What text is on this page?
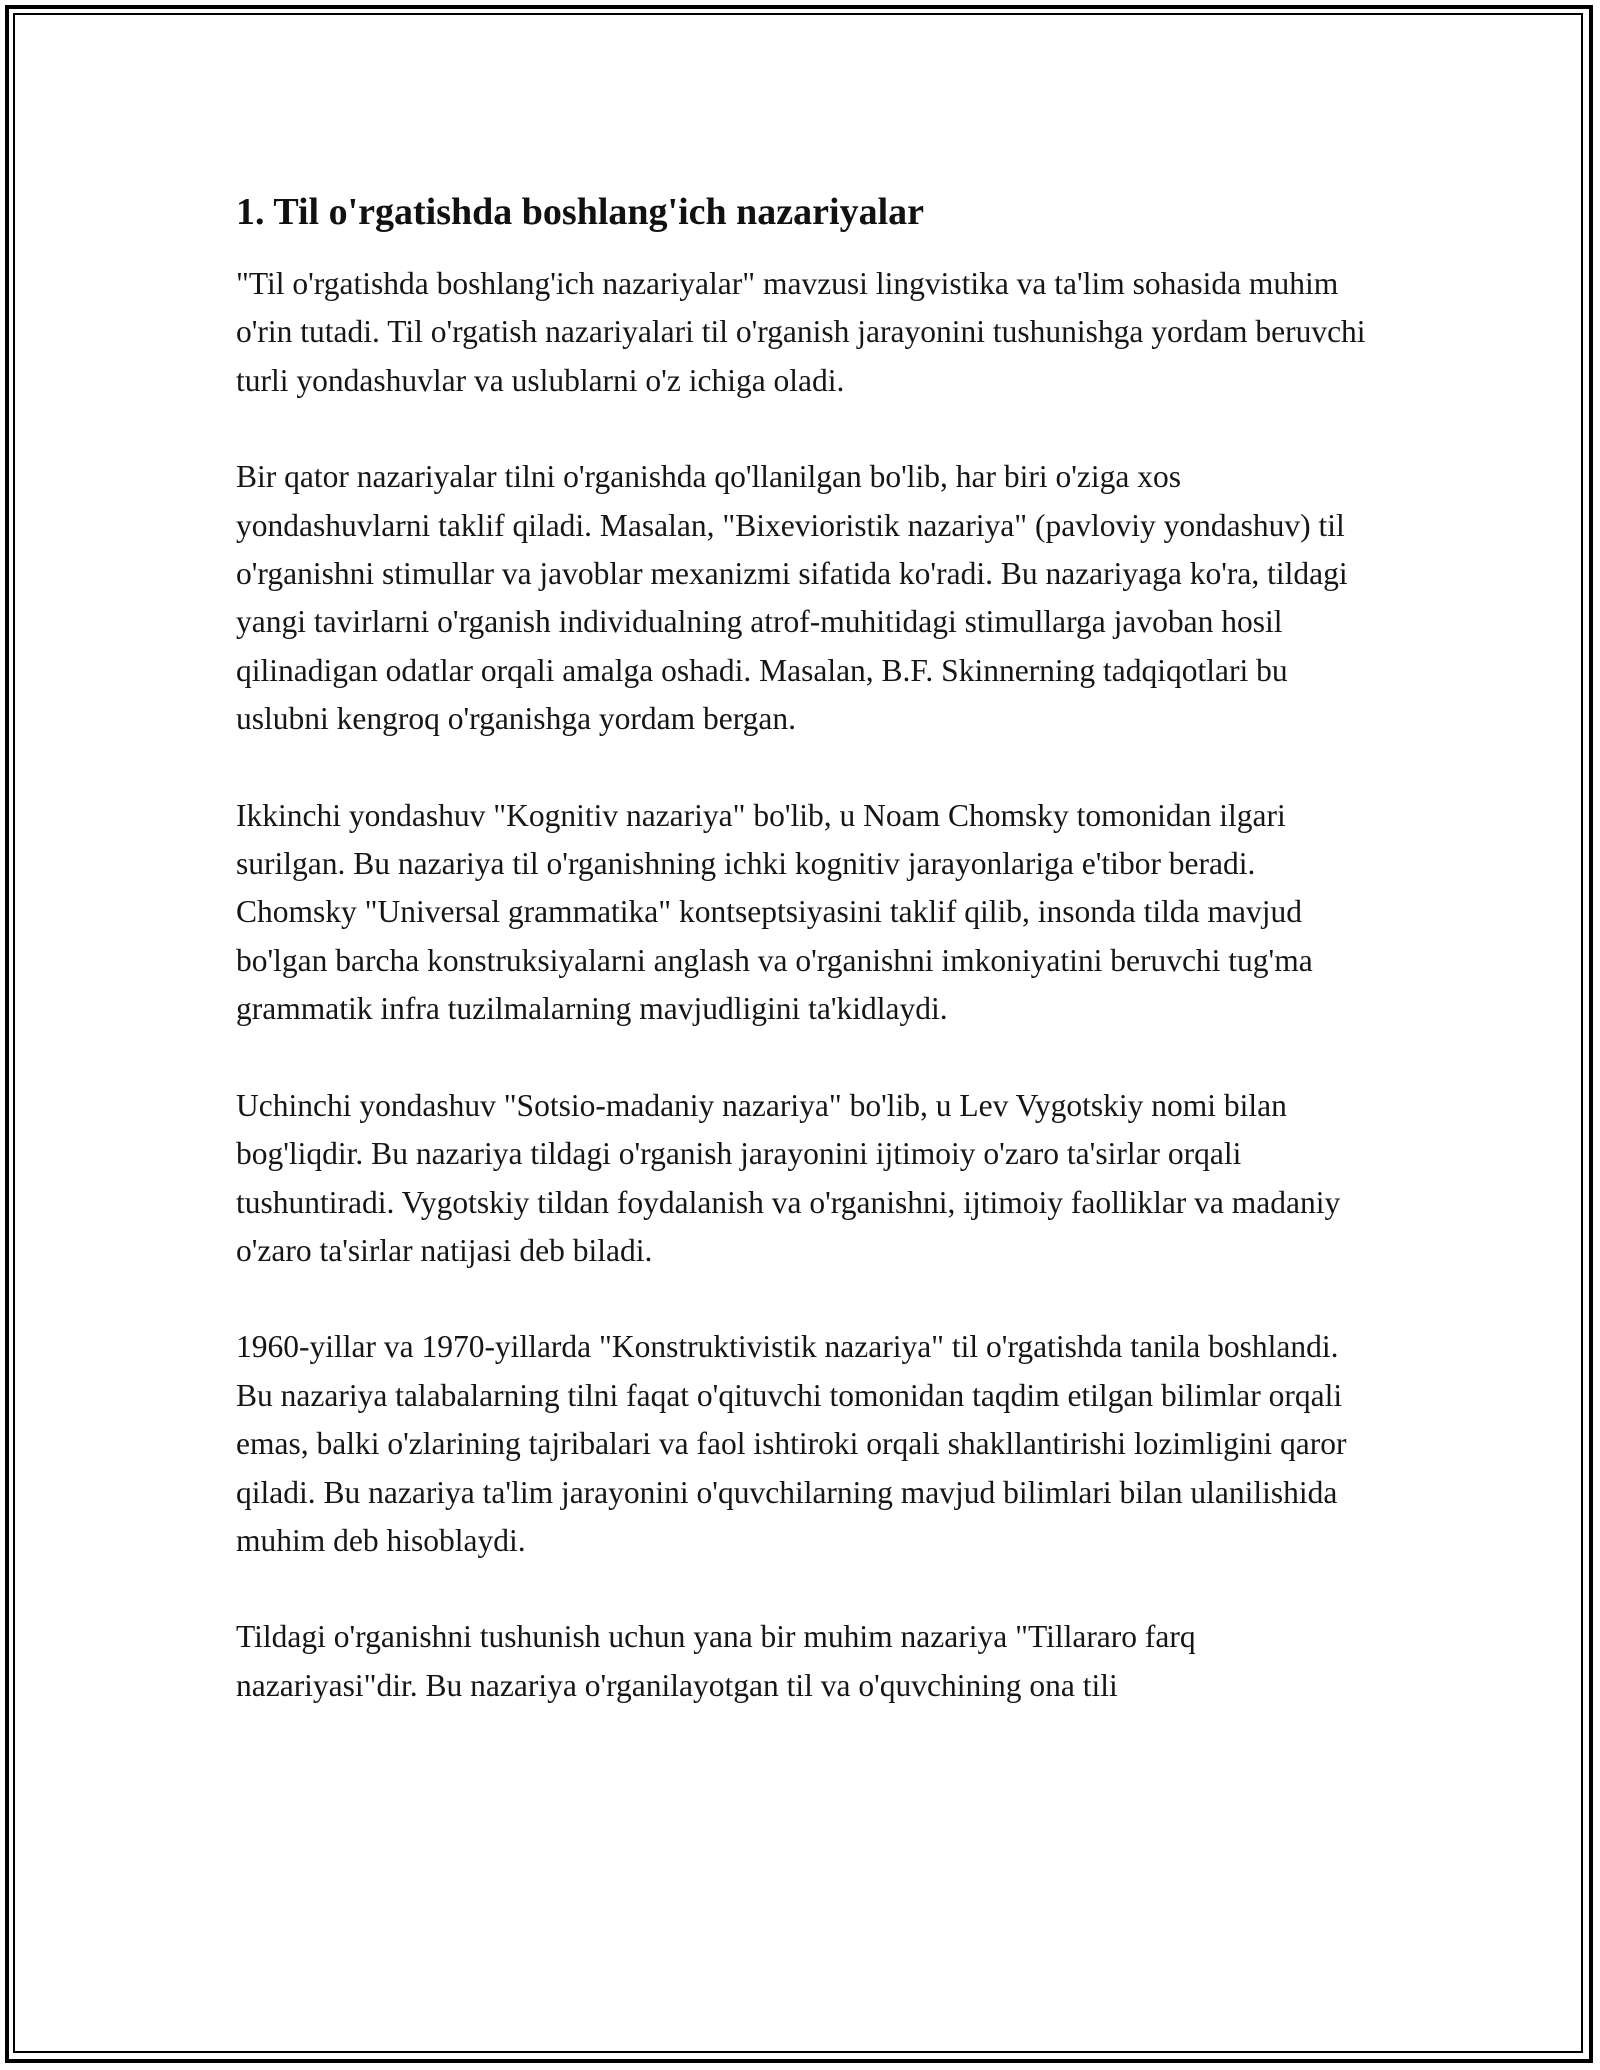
1. Til o'rgatishda boshlang'ich nazariyalar

"Til o'rgatishda boshlang'ich nazariyalar" mavzusi lingvistika va ta'lim sohasida muhim o'rin tutadi. Til o'rgatish nazariyalari til o'rganish jarayonini tushunishga yordam beruvchi turli yondashuvlar va uslublarni o'z ichiga oladi.

Bir qator nazariyalar tilni o'rganishda qo'llanilgan bo'lib, har biri o'ziga xos yondashuvlarni taklif qiladi. Masalan, "Bixevioristik nazariya" (pavloviy yondashuv) til o'rganishni stimullar va javoblar mexanizmi sifatida ko'radi. Bu nazariyaga ko'ra, tildagi yangi tavirlarni o'rganish individualning atrof-muhitidagi stimullarga javoban hosil qilinadigan odatlar orqali amalga oshadi. Masalan, B.F. Skinnerning tadqiqotlari bu uslubni kengroq o'rganishga yordam bergan.

Ikkinchi yondashuv "Kognitiv nazariya" bo'lib, u Noam Chomsky tomonidan ilgari surilgan. Bu nazariya til o'rganishning ichki kognitiv jarayonlariga e'tibor beradi. Chomsky "Universal grammatika" kontseptsiyasini taklif qilib, insonda tilda mavjud bo'lgan barcha konstruksiyalarni anglash va o'rganishni imkoniyatini beruvchi tug'ma grammatik infra tuzilmalarning mavjudligini ta'kidlaydi.

Uchinchi yondashuv "Sotsio-madaniy nazariya" bo'lib, u Lev Vygotskiy nomi bilan bog'liqdir. Bu nazariya tildagi o'rganish jarayonini ijtimoiy o'zaro ta'sirlar orqali tushuntiradi. Vygotskiy tildan foydalanish va o'rganishni, ijtimoiy faolliklar va madaniy o'zaro ta'sirlar natijasi deb biladi.

1960-yillar va 1970-yillarda "Konstruktivistik nazariya" til o'rgatishda tanila boshlandi. Bu nazariya talabalarning tilni faqat o'qituvchi tomonidan taqdim etilgan bilimlar orqali emas, balki o'zlarining tajribalari va faol ishtiroki orqali shakllantirishi lozimligini qaror qiladi. Bu nazariya ta'lim jarayonini o'quvchilarning mavjud bilimlari bilan ulanilishida muhim deb hisoblaydi.

Tildagi o'rganishni tushunish uchun yana bir muhim nazariya "Tillararo farq nazariyasi"dir. Bu nazariya o'rganilayotgan til va o'quvchining ona tili
